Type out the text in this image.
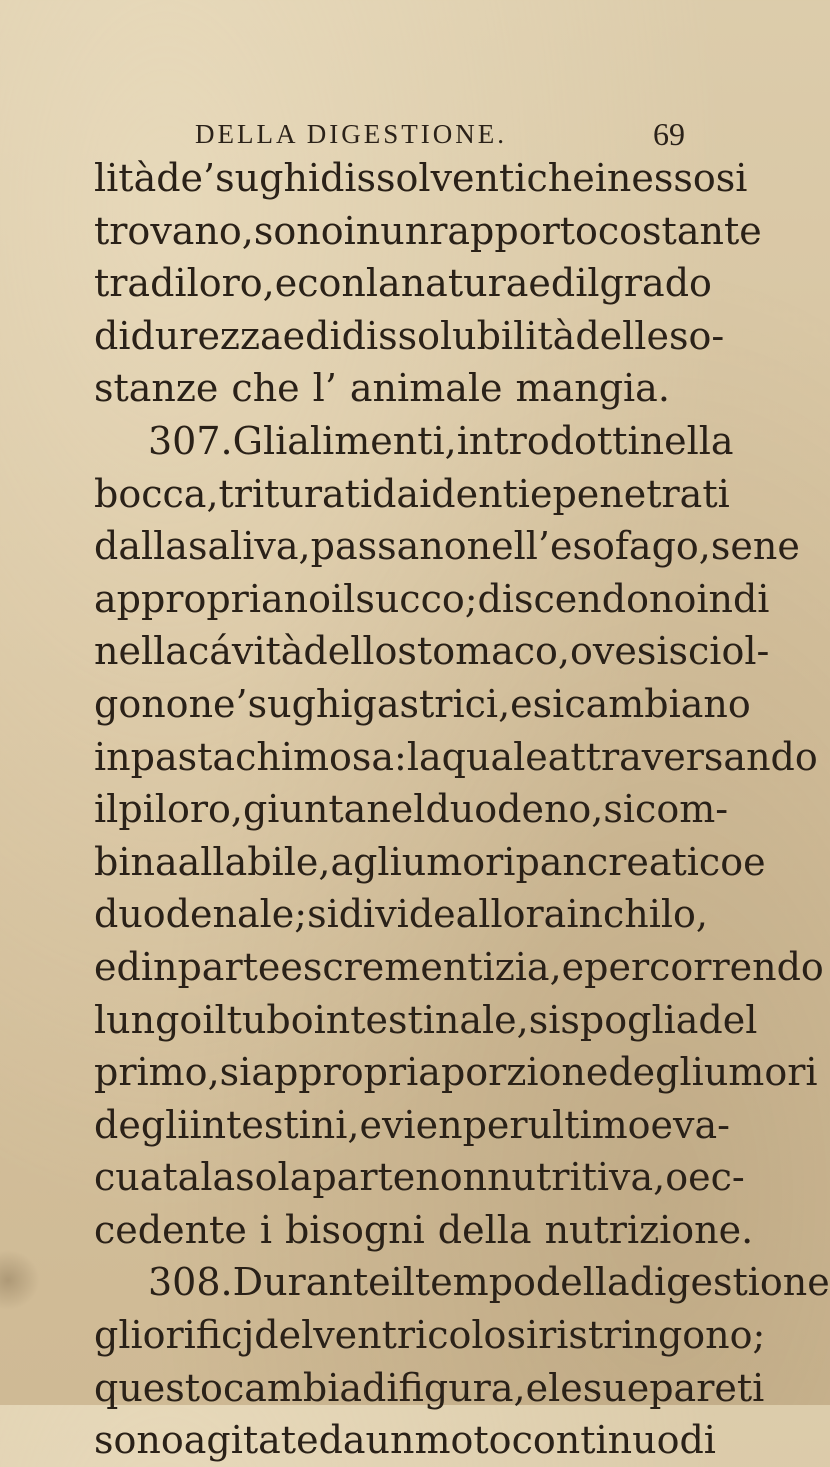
DELLA DIGESTIONE.	69
lità de’ sughi dissolventi che in esso si
trovano , sono in un rapporto costante
tra di loro , e con la natura ed il grado
di durezza e di dissolubilità delle so-
stanze che l’ animale mangia.
307. Gli alimenti , introdotti nella
bocca , triturati dai denti e penetrati
dalla saliva , passano nell’esofago , se ne
appropriano il succo ; discendono indi
nella cávità dello stomaco , ove si sciol-
gono ne’ sughi gastrici , e si cambiano
in pasta chimosa : la quale attraversando
il piloro , giunta nel duodeno , si com-
bina alla bile , agli umori pancreatico e
duodenale ; si divide allora in chilo ,
ed in parte escrementizia , e percorrendo
lungo il tubo intestinale , si spoglia del
primo , si appropria porzione degli umori
degli intestini , e vien per ultimo eva-
cuata la sola parte non nutritiva , o ec-
cedente i bisogni della nutrizione.
308. Durante il tempo della digestione
gli orificj del ventricolo si ristringono ;
questo cambia di figura , e le sue pareti
sono agitate da un moto continuo di
